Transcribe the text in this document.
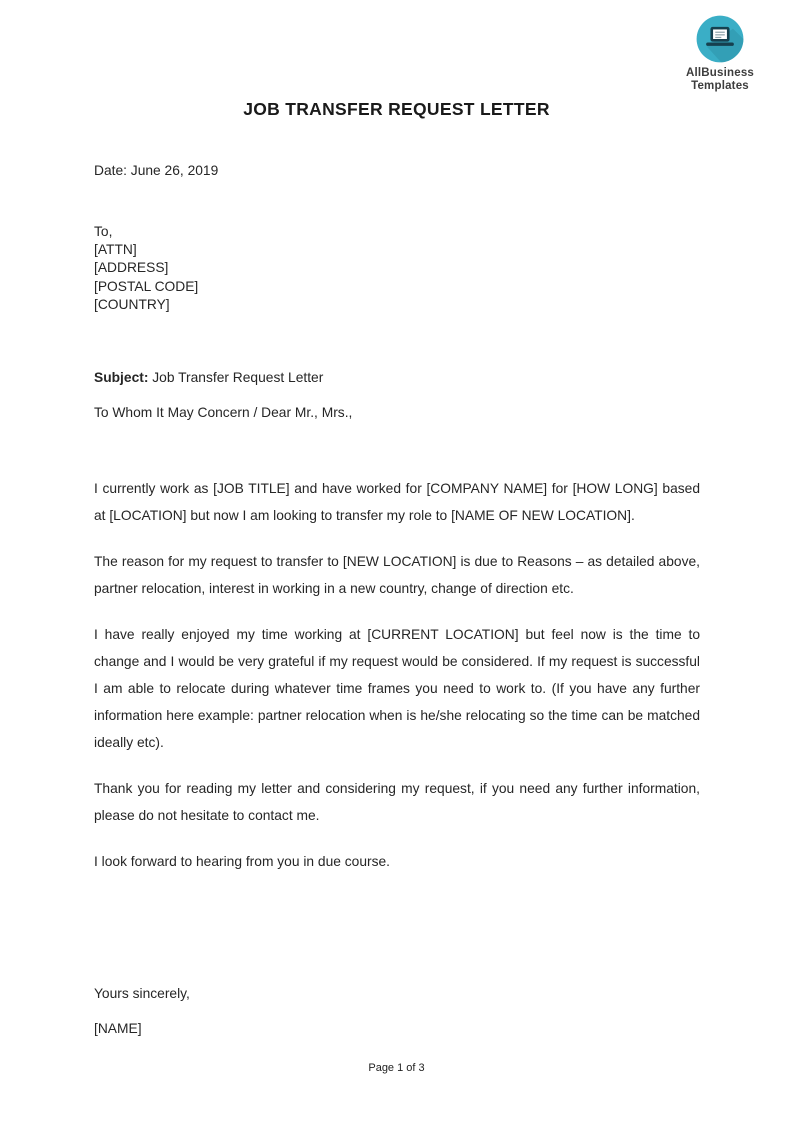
AllBusiness
Templates
JOB TRANSFER REQUEST LETTER
Date: June 26, 2019
To,
[ATTN]
[ADDRESS]
[POSTAL CODE]
[COUNTRY]
Subject: Job Transfer Request Letter
To Whom It May Concern / Dear Mr., Mrs.,
I currently work as [JOB TITLE] and have worked for [COMPANY NAME] for [HOW LONG] based at [LOCATION] but now I am looking to transfer my role to [NAME OF NEW LOCATION].
The reason for my request to transfer to [NEW LOCATION] is due to Reasons – as detailed above, partner relocation, interest in working in a new country, change of direction etc.
I have really enjoyed my time working at [CURRENT LOCATION] but feel now is the time to change and I would be very grateful if my request would be considered. If my request is successful I am able to relocate during whatever time frames you need to work to. (If you have any further information here example: partner relocation when is he/she relocating so the time can be matched ideally etc).
Thank you for reading my letter and considering my request, if you need any further information, please do not hesitate to contact me.
I look forward to hearing from you in due course.
Yours sincerely,
[NAME]
Page 1 of 3
